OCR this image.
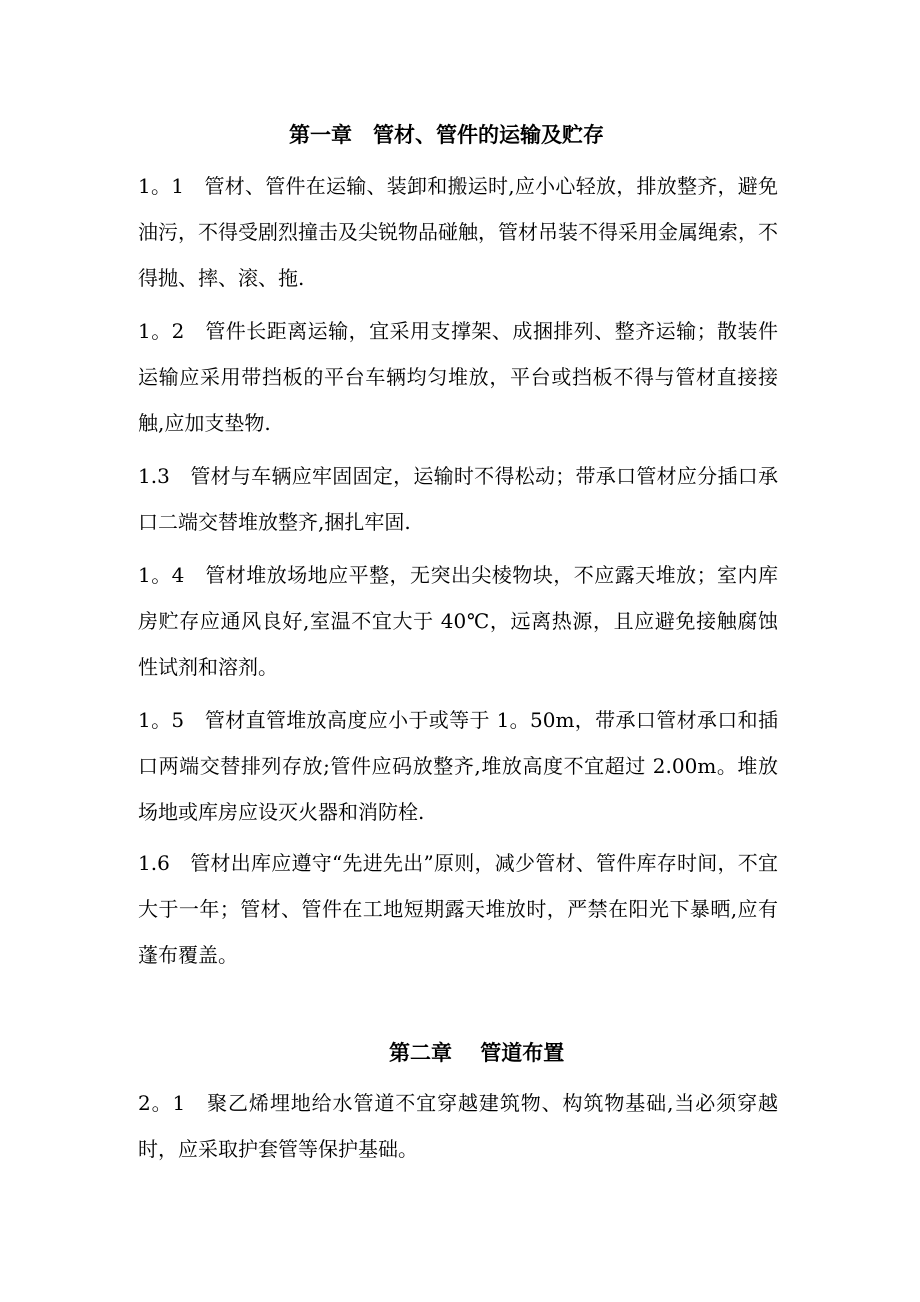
第一章　管材、管件的运输及贮存

1。1　管材、管件在运输、装卸和搬运时,应小心轻放，排放整齐，避免油污，不得受剧烈撞击及尖锐物品碰触，管材吊装不得采用金属绳索，不得抛、摔、滚、拖.

1。2　管件长距离运输，宜采用支撑架、成捆排列、整齐运输；散装件运输应采用带挡板的平台车辆均匀堆放，平台或挡板不得与管材直接接触,应加支垫物.

1.3　管材与车辆应牢固固定，运输时不得松动；带承口管材应分插口承口二端交替堆放整齐,捆扎牢固.

1。4　管材堆放场地应平整，无突出尖棱物块，不应露天堆放；室内库房贮存应通风良好,室温不宜大于 40℃，远离热源，且应避免接触腐蚀性试剂和溶剂。

1。5　管材直管堆放高度应小于或等于 1。50m，带承口管材承口和插口两端交替排列存放;管件应码放整齐,堆放高度不宜超过 2.00m。堆放场地或库房应设灭火器和消防栓.

1.6　管材出库应遵守“先进先出”原则，减少管材、管件库存时间，不宜大于一年；管材、管件在工地短期露天堆放时，严禁在阳光下暴晒,应有蓬布覆盖。

第二章　 管道布置

2。1　聚乙烯埋地给水管道不宜穿越建筑物、构筑物基础,当必须穿越时，应采取护套管等保护基础。
